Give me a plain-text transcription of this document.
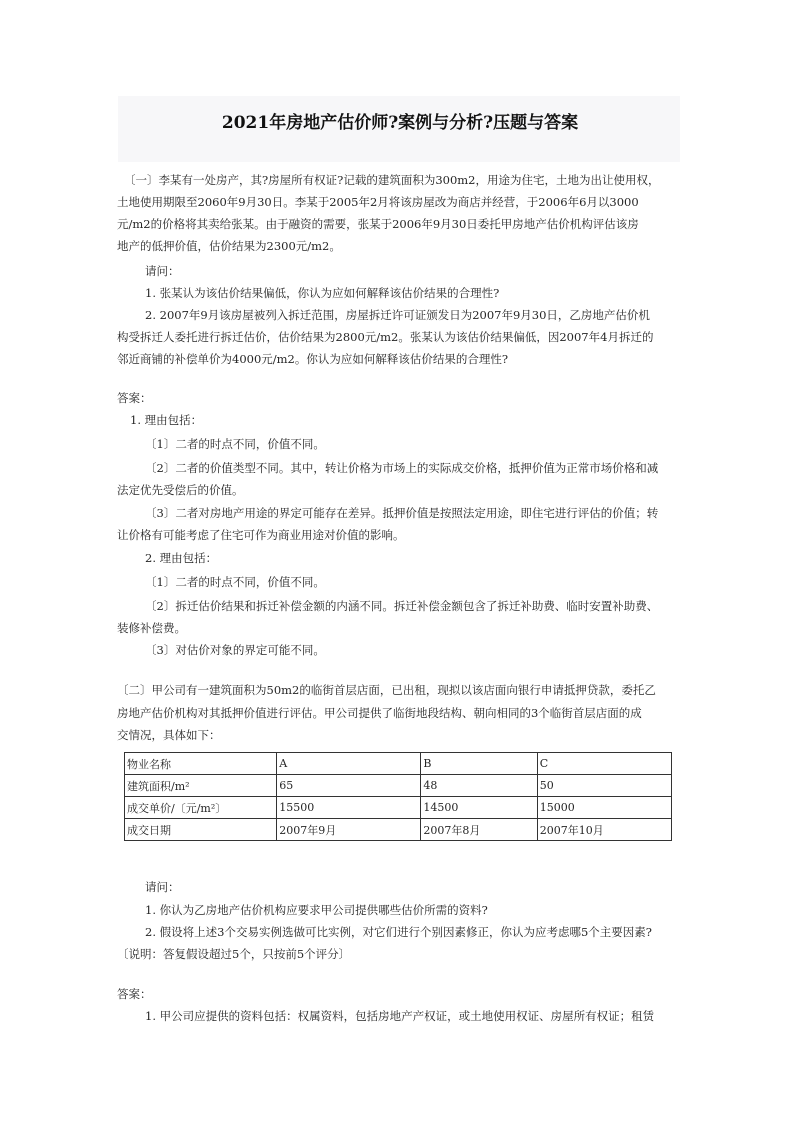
2021年房地产估价师?案例与分析?压题与答案

〔一〕李某有一处房产，其?房屋所有权证?记载的建筑面积为300m2，用途为住宅，土地为出让使用权，

土地使用期限至2060年9月30日。李某于2005年2月将该房屋改为商店并经营，于2006年6月以3000

元/m2的价格将其卖给张某。由于融资的需要，张某于2006年9月30日委托甲房地产估价机构评估该房

地产的低押价值，估价结果为2300元/m2。

请问：

1. 张某认为该估价结果偏低，你认为应如何解释该估价结果的合理性?

2. 2007年9月该房屋被列入拆迁范围，房屋拆迁许可证颁发日为2007年9月30日，乙房地产估价机

构受拆迁人委托进行拆迁估价，估价结果为2800元/m2。张某认为该估价结果偏低，因2007年4月拆迁的

邻近商铺的补偿单价为4000元/m2。你认为应如何解释该估价结果的合理性?

答案：

1. 理由包括：

〔1〕二者的时点不同，价值不同。

〔2〕二者的价值类型不同。其中，转让价格为市场上的实际成交价格，抵押价值为正常市场价格和减

法定优先受偿后的价值。

〔3〕二者对房地产用途的界定可能存在差异。抵押价值是按照法定用途，即住宅进行评估的价值；转

让价格有可能考虑了住宅可作为商业用途对价值的影响。

2. 理由包括：

〔1〕二者的时点不同，价值不同。

〔2〕拆迁估价结果和拆迁补偿金额的内涵不同。拆迁补偿金额包含了拆迁补助费、临时安置补助费、

装修补偿费。

〔3〕对估价对象的界定可能不同。

〔二〕甲公司有一建筑面积为50m2的临街首层店面，已出租，现拟以该店面向银行申请抵押贷款，委托乙

房地产估价机构对其抵押价值进行评估。甲公司提供了临街地段结构、朝向相同的3个临街首层店面的成

交情况，具体如下：

物业名称	A	B	C
建筑面积/m²	65	48	50
成交单价/〔元/m²〕	15500	14500	15000
成交日期	2007年9月	2007年8月	2007年10月

请问：

1. 你认为乙房地产估价机构应要求甲公司提供哪些估价所需的资料?

2. 假设将上述3个交易实例选做可比实例，对它们进行个别因素修正，你认为应考虑哪5个主要因素?

〔说明：答复假设超过5个，只按前5个评分〕

答案：

1. 甲公司应提供的资料包括：权属资料，包括房地产产权证，或土地使用权证、房屋所有权证；租赁
